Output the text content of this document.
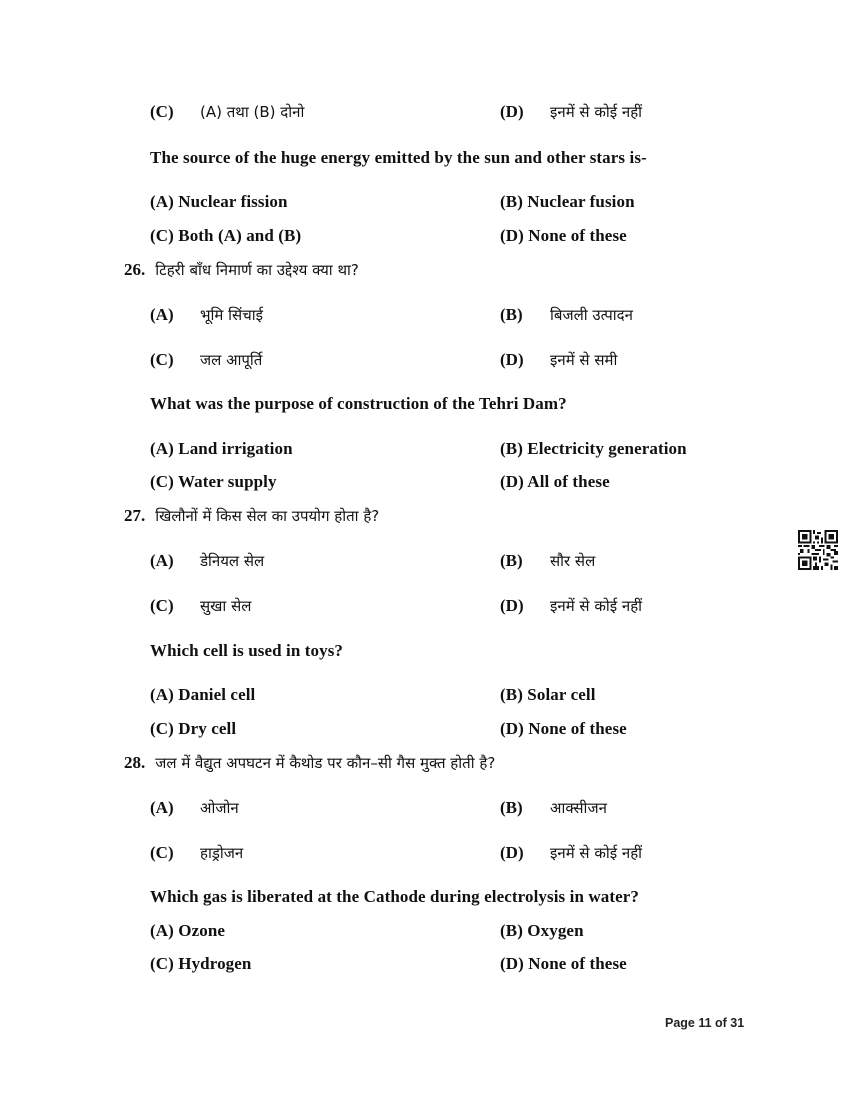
(C)	(A) तथा (B) दोनो	(D)	इनमें से कोई नहीं
The source of the huge energy emitted by the sun and other stars is-
(A) Nuclear fission	(B) Nuclear fusion
(C) Both (A) and (B)	(D) None of these
26. टिहरी बाँध निमार्ण का उद्देश्य क्या था?
(A)	भूमि सिंचाई	(B)	बिजली उत्पादन
(C)	जल आपूर्ति	(D)	इनमें से समी
What was the purpose of construction of the Tehri Dam?
(A) Land irrigation	(B) Electricity generation
(C) Water supply	(D) All of these
27. खिलौनों में किस सेल का उपयोग होता है?
(A)	डेनियल सेल	(B)	सौर सेल
(C)	सुखा सेल	(D)	इनमें से कोई नहीं
Which cell is used in toys?
(A) Daniel cell	(B) Solar cell
(C) Dry cell	(D) None of these
28. जल में वैद्युत अपघटन में कैथोड पर कौन–सी गैस मुक्त होती है?
(A)	ओजोन	(B)	आक्सीजन
(C)	हाड्रोजन	(D)	इनमें से कोई नहीं
Which gas is liberated at the Cathode during electrolysis in water?
(A) Ozone	(B) Oxygen
(C) Hydrogen	(D) None of these
Page 11 of 31
